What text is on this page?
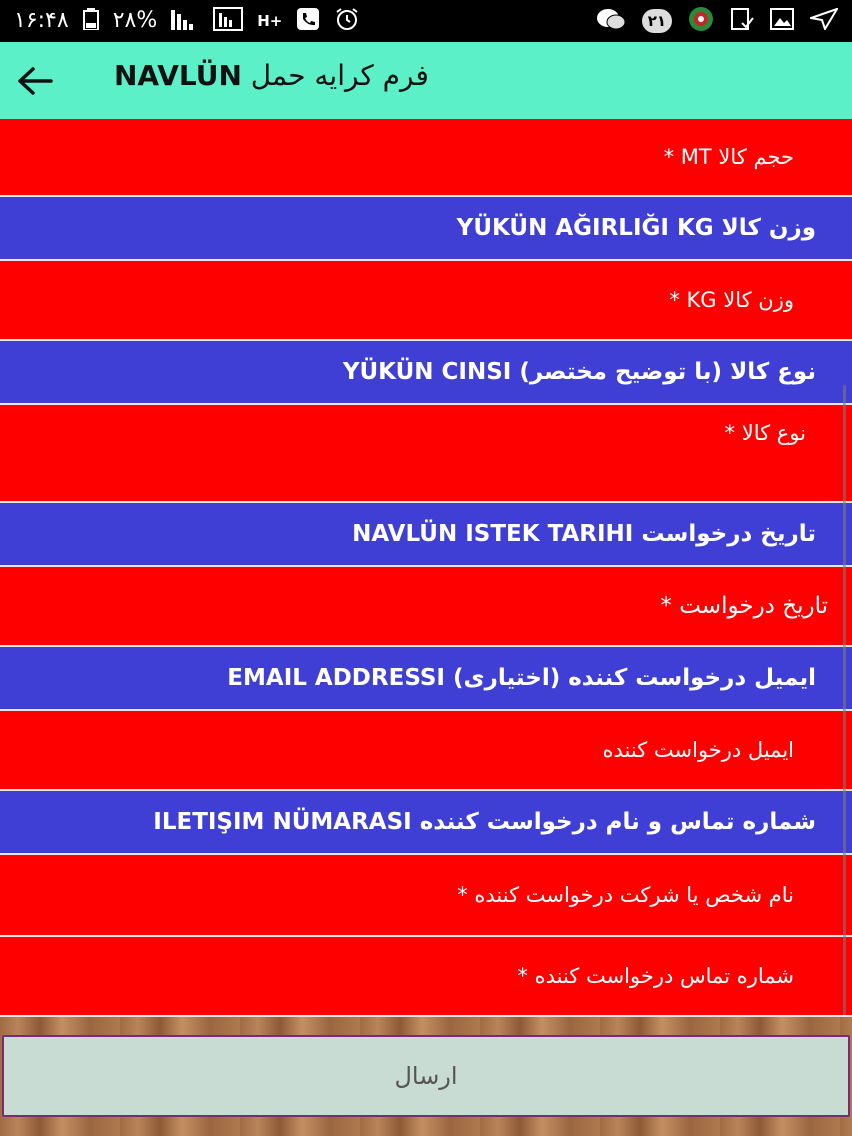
۱۶:۴۸ ۲۸%	H+	۲۱
فرم کرایه حمل NAVLÜN
حجم کالا MT *
وزن کالا YÜKÜN AĞIRLIĞI KG
وزن کالا KG *
نوع کالا (با توضیح مختصر) YÜKÜN CINSI
نوع کالا *
تاریخ درخواست NAVLÜN ISTEK TARIHI
تاریخ درخواست *
ایمیل درخواست کننده (اختیاری) EMAIL ADDRESSI
ایمیل درخواست کننده
شماره تماس و نام درخواست کننده ILETIŞIM NÜMARASI
نام شخص یا شرکت درخواست کننده *
شماره تماس درخواست کننده *
ارسال
